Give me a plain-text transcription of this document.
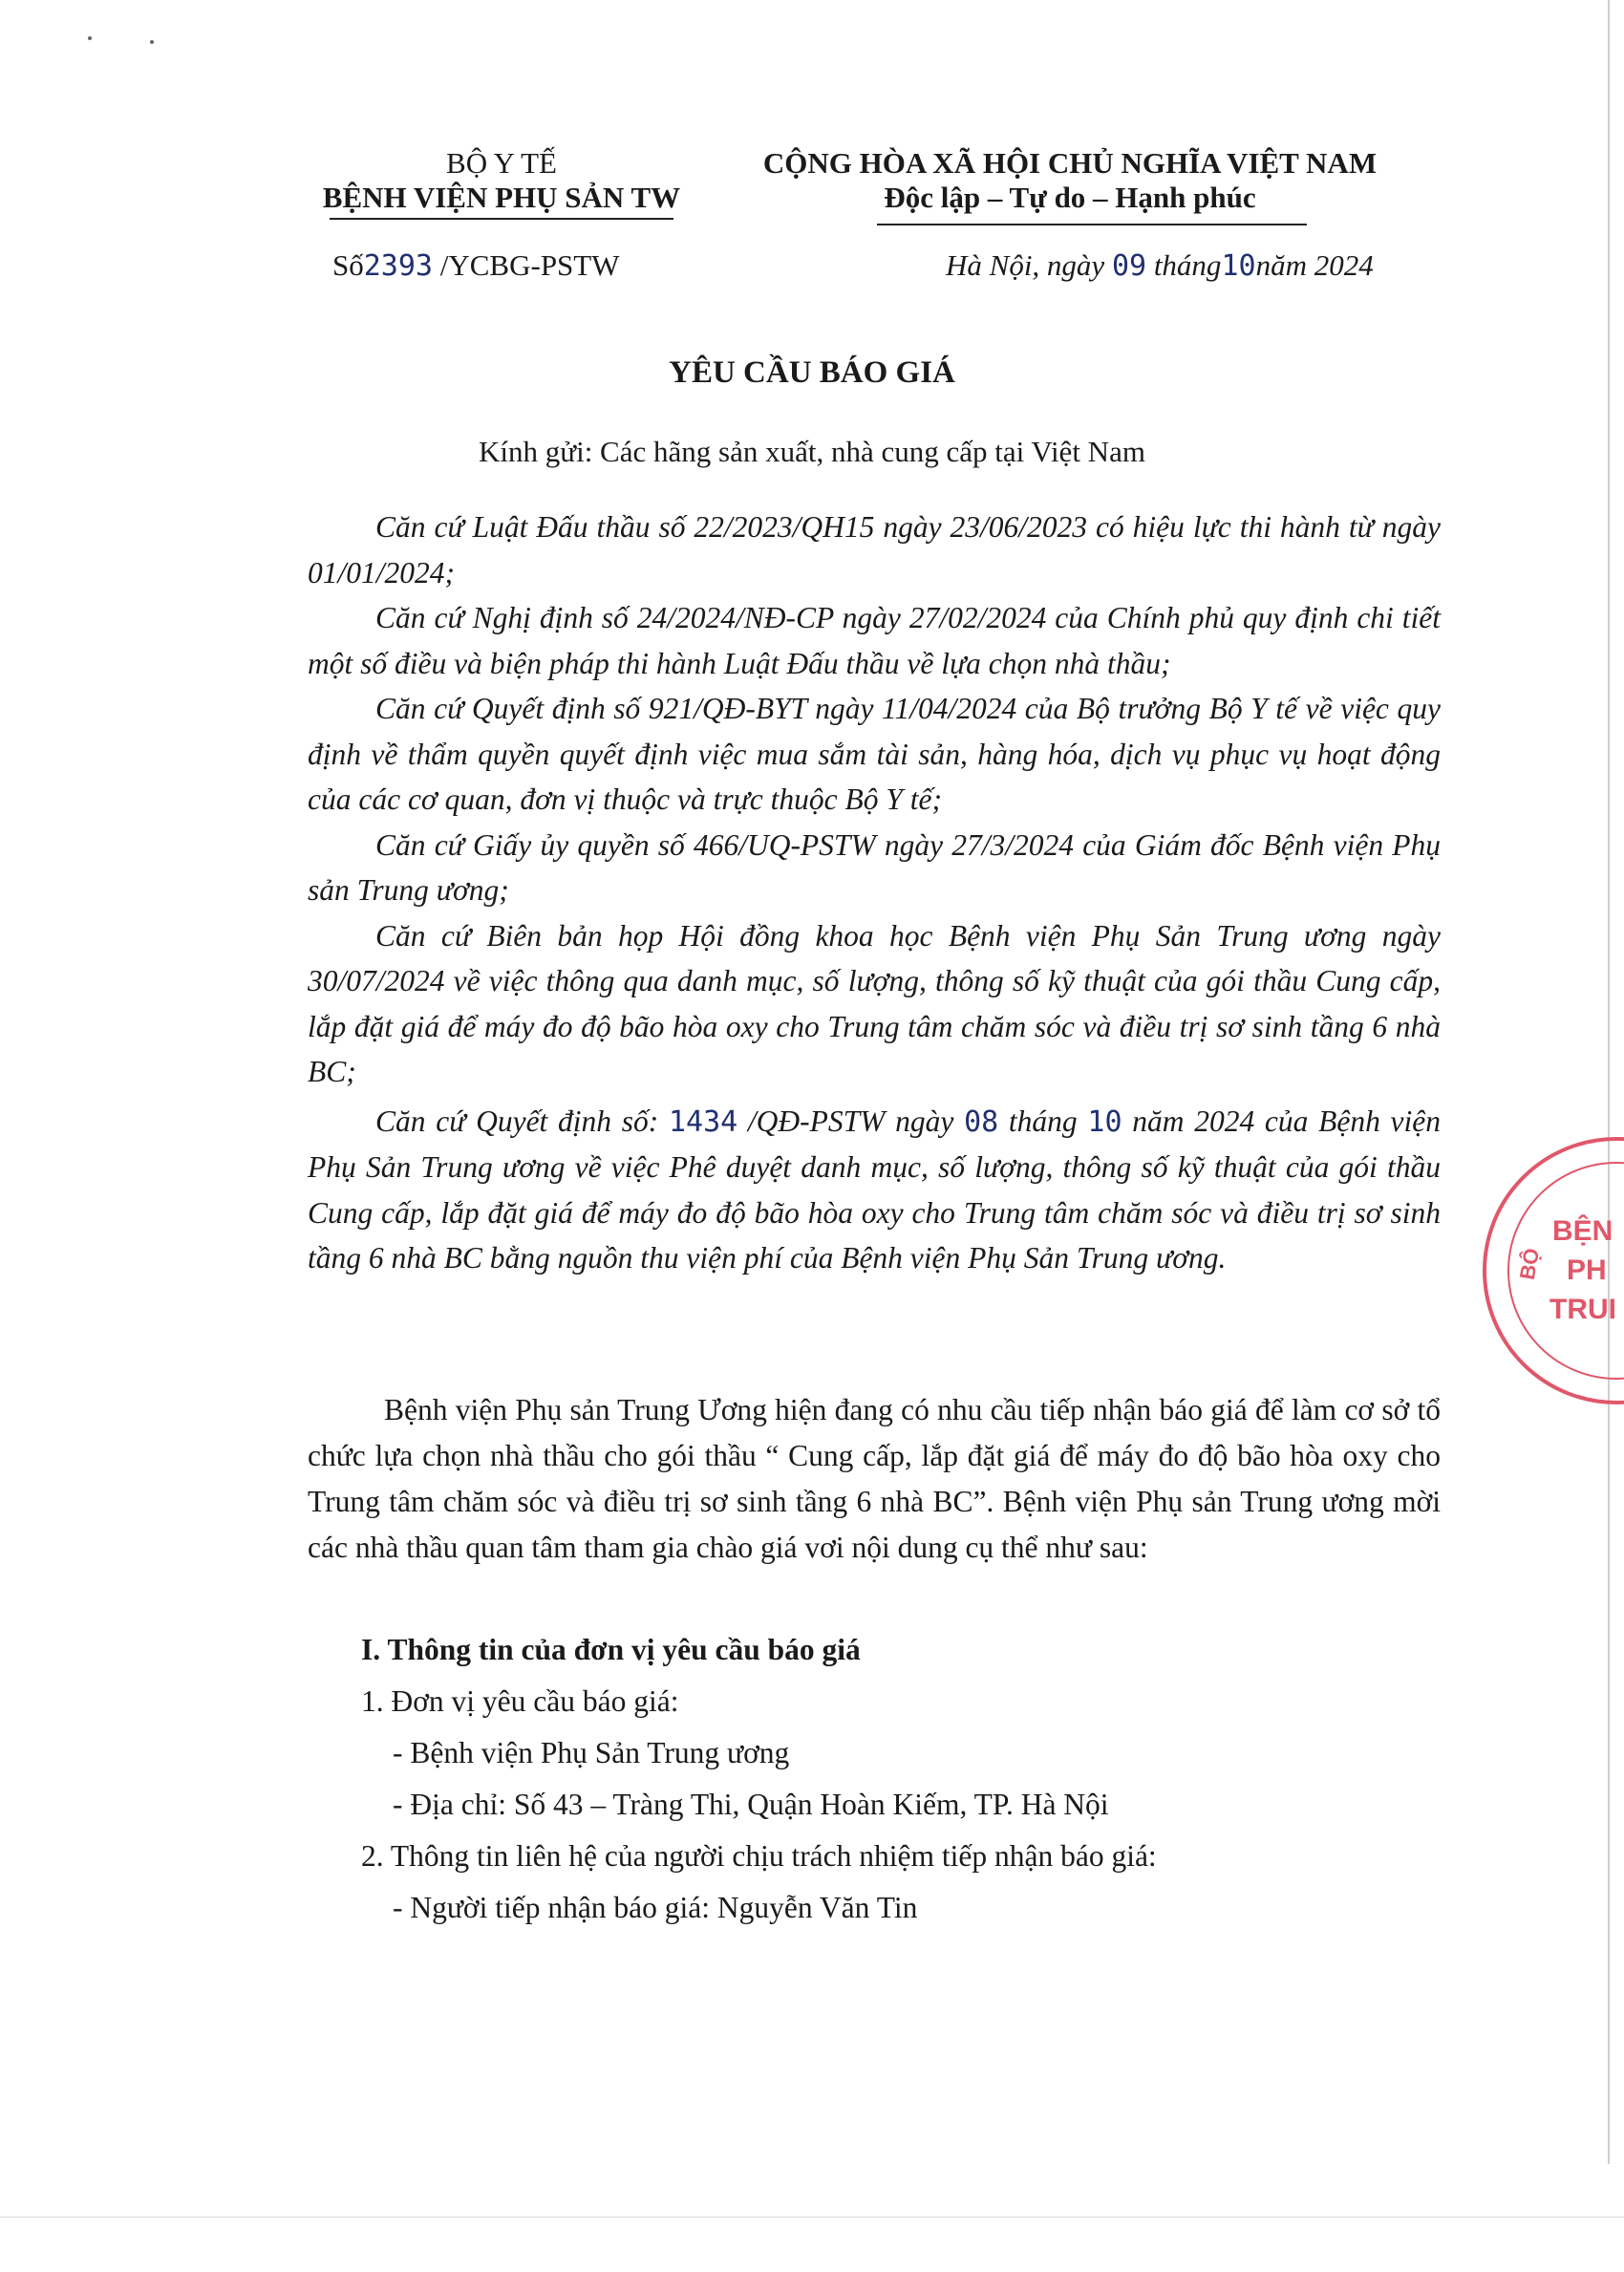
BỘ Y TẾ
BỆNH VIỆN PHỤ SẢN TW
CỘNG HÒA XÃ HỘI CHỦ NGHĨA VIỆT NAM
Độc lập – Tự do – Hạnh phúc
Số2393 /YCBG-PSTW	Hà Nội, ngày 09 tháng10năm 2024
YÊU CẦU BÁO GIÁ
Kính gửi: Các hãng sản xuất, nhà cung cấp tại Việt Nam

Căn cứ Luật Đấu thầu số 22/2023/QH15 ngày 23/06/2023 có hiệu lực thi hành từ ngày 01/01/2024;

Căn cứ Nghị định số 24/2024/NĐ-CP ngày 27/02/2024 của Chính phủ quy định chi tiết một số điều và biện pháp thi hành Luật Đấu thầu về lựa chọn nhà thầu;

Căn cứ Quyết định số 921/QĐ-BYT ngày 11/04/2024 của Bộ trưởng Bộ Y tế về việc quy định về thẩm quyền quyết định việc mua sắm tài sản, hàng hóa, dịch vụ phục vụ hoạt động của các cơ quan, đơn vị thuộc và trực thuộc Bộ Y tế;

Căn cứ Giấy ủy quyền số 466/UQ-PSTW ngày 27/3/2024 của Giám đốc Bệnh viện Phụ sản Trung ương;

Căn cứ Biên bản họp Hội đồng khoa học Bệnh viện Phụ Sản Trung ương ngày 30/07/2024 về việc thông qua danh mục, số lượng, thông số kỹ thuật của gói thầu Cung cấp, lắp đặt giá để máy đo độ bão hòa oxy cho Trung tâm chăm sóc và điều trị sơ sinh tầng 6 nhà BC;

Căn cứ Quyết định số: 1434 /QĐ-PSTW ngày 08 tháng 10 năm 2024 của Bệnh viện Phụ Sản Trung ương về việc Phê duyệt danh mục, số lượng, thông số kỹ thuật của gói thầu Cung cấp, lắp đặt giá để máy đo độ bão hòa oxy cho Trung tâm chăm sóc và điều trị sơ sinh tầng 6 nhà BC bằng nguồn thu viện phí của Bệnh viện Phụ Sản Trung ương.

Bệnh viện Phụ sản Trung Ương hiện đang có nhu cầu tiếp nhận báo giá để làm cơ sở tổ chức lựa chọn nhà thầu cho gói thầu “ Cung cấp, lắp đặt giá để máy đo độ bão hòa oxy cho Trung tâm chăm sóc và điều trị sơ sinh tầng 6 nhà BC”. Bệnh viện Phụ sản Trung ương mời các nhà thầu quan tâm tham gia chào giá vơi nội dung cụ thể như sau:

I. Thông tin của đơn vị yêu cầu báo giá
1. Đơn vị yêu cầu báo giá:
- Bệnh viện Phụ Sản Trung ương
- Địa chỉ: Số 43 – Tràng Thi, Quận Hoàn Kiếm, TP. Hà Nội
2. Thông tin liên hệ của người chịu trách nhiệm tiếp nhận báo giá:
- Người tiếp nhận báo giá: Nguyễn Văn Tin
BỆN
PH
TRUI
BỘ
